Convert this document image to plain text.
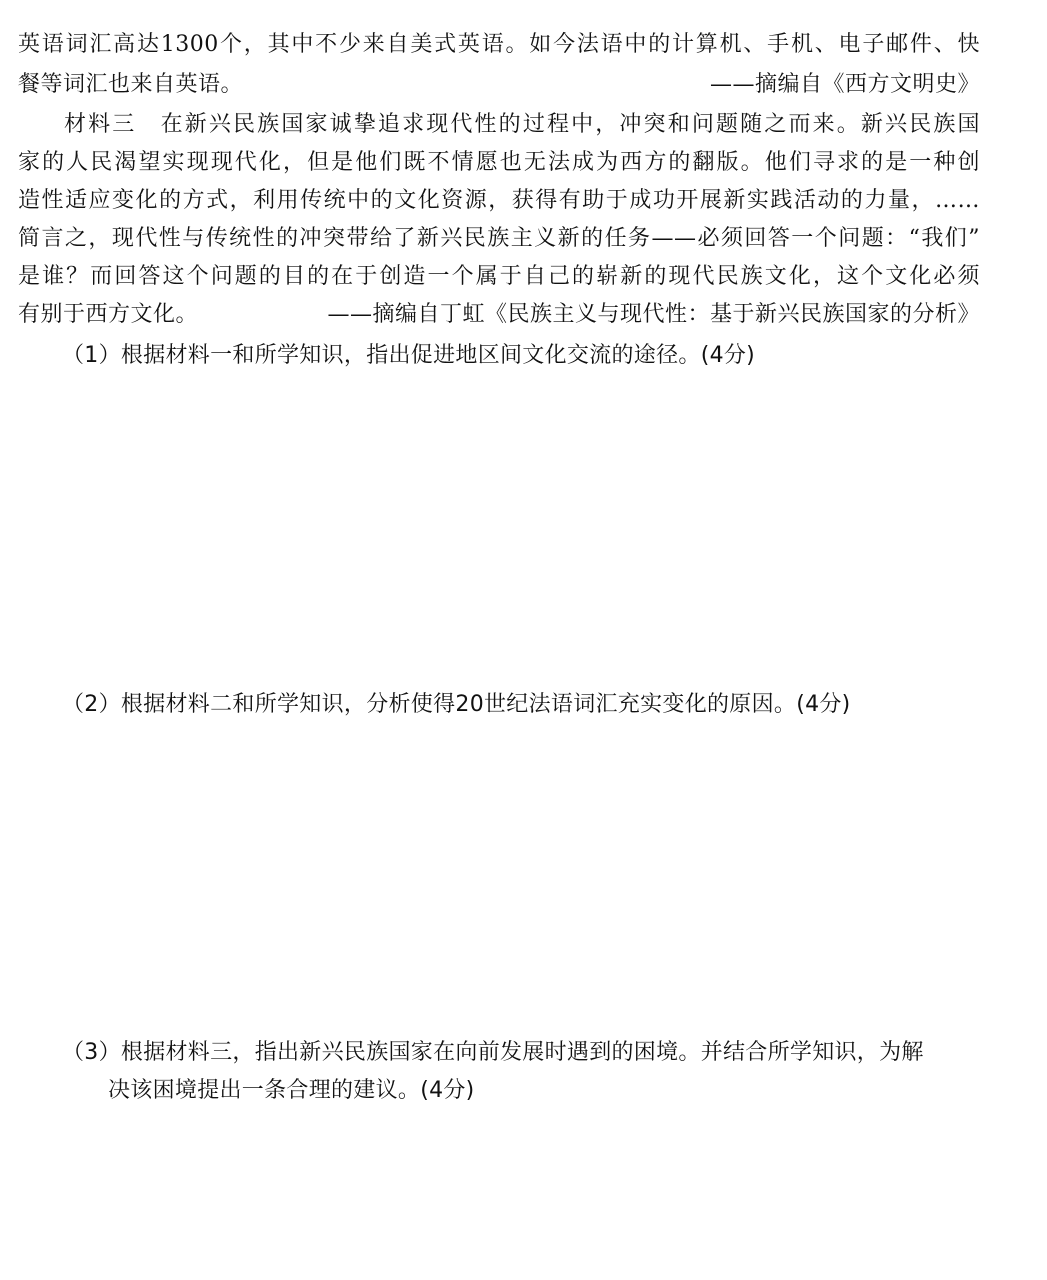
英语词汇高达1300个，其中不少来自美式英语。如今法语中的计算机、手机、电子邮件、快
餐等词汇也来自英语。	——摘编自《西方文明史》
材料三　在新兴民族国家诚挚追求现代性的过程中，冲突和问题随之而来。新兴民族国
家的人民渴望实现现代化，但是他们既不情愿也无法成为西方的翻版。他们寻求的是一种创
造性适应变化的方式，利用传统中的文化资源，获得有助于成功开展新实践活动的力量，……
简言之，现代性与传统性的冲突带给了新兴民族主义新的任务——必须回答一个问题：“我们”
是谁？而回答这个问题的目的在于创造一个属于自己的崭新的现代民族文化，这个文化必须
有别于西方文化。	——摘编自丁虹《民族主义与现代性：基于新兴民族国家的分析》
（1）根据材料一和所学知识，指出促进地区间文化交流的途径。(4分)
（2）根据材料二和所学知识，分析使得20世纪法语词汇充实变化的原因。(4分)
（3）根据材料三，指出新兴民族国家在向前发展时遇到的困境。并结合所学知识，为解
决该困境提出一条合理的建议。(4分)
